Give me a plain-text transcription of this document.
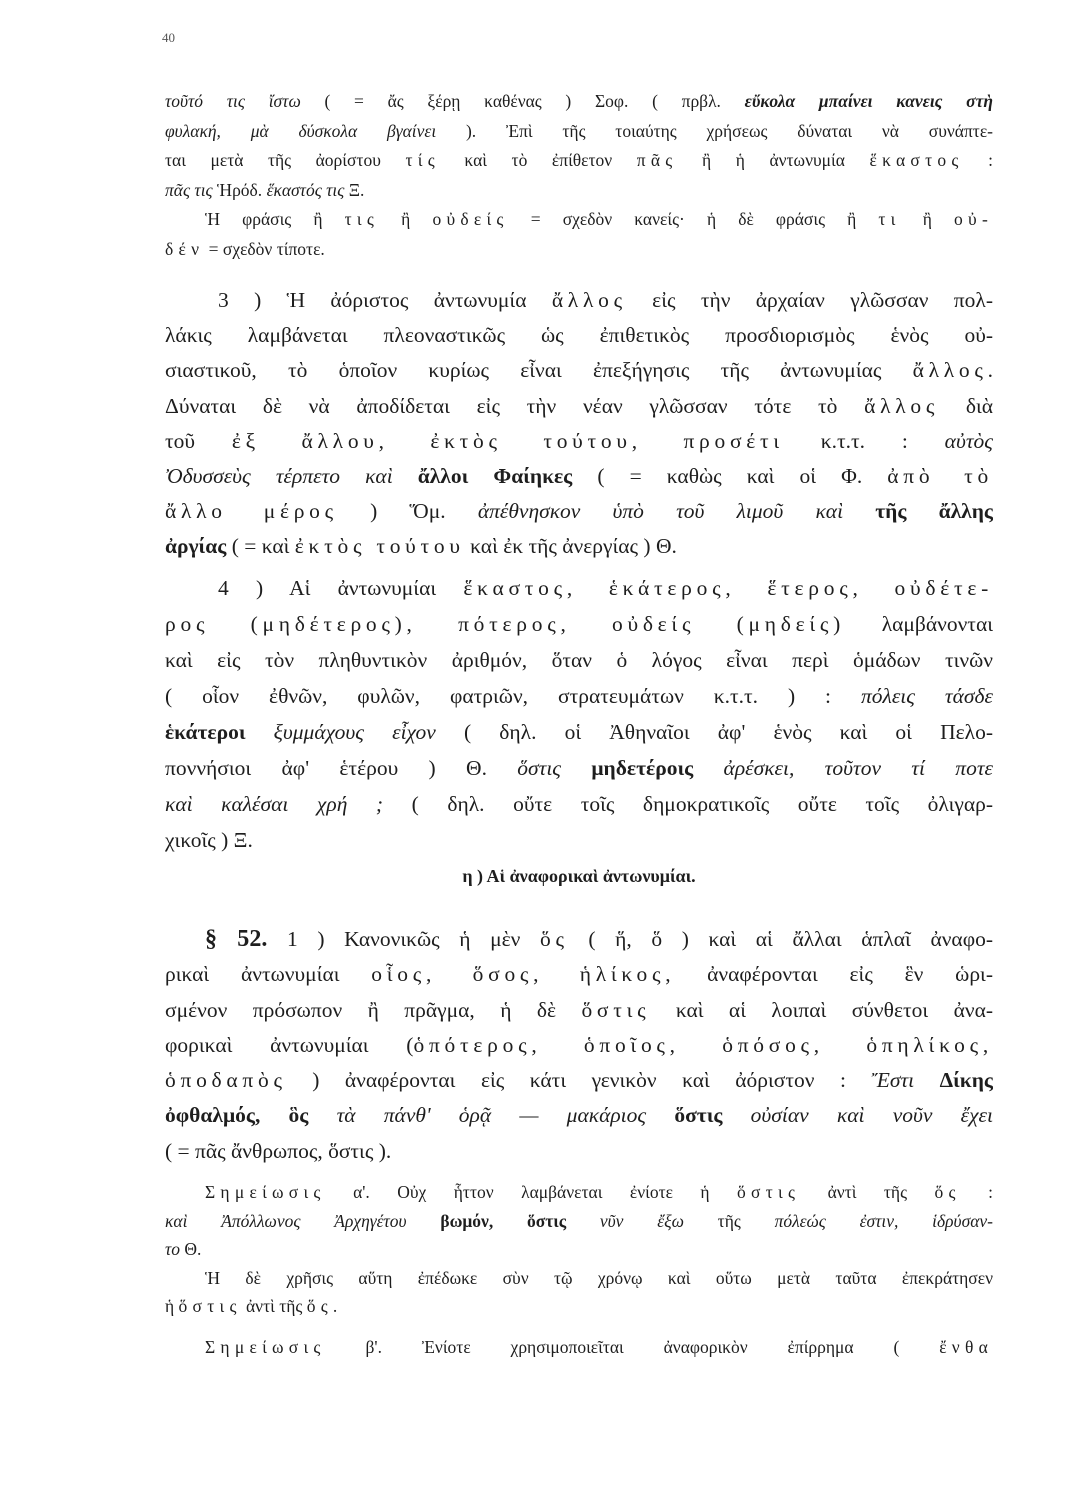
40
τοῦτό τις ἴστω ( = ἄς ξέρῃ καθένας ) Σοφ. ( πρβλ. εὔκολα μπαίνει κανεις στὴ
φυλακή, μὰ δύσκολα βγαίνει ). Ἐπὶ τῆς τοιαύτης χρήσεως δύναται νὰ συνάπτε-
ται μετὰ τῆς ἀορίστου τίς καὶ τὸ ἐπίθετον πᾶς ἢ ἡ ἀντωνυμία ἕκαστος :
πᾶς τις Ἡρόδ. ἕκαστός τις Ξ.
Ἡ φράσις ἢ τις ἢ οὐδείς = σχεδὸν κανείς· ἡ δὲ φράσις ἢ τι ἢ οὐ-
δέν = σχεδὸν τίποτε.
3 ) Ἡ ἀόριστος ἀντωνυμία ἄλλος εἰς τὴν ἀρχαίαν γλῶσσαν πολ-
λάκις λαμβάνεται πλεοναστικῶς ὡς ἐπιθετικὸς προσδιορισμὸς ἑνὸς οὐ-
σιαστικοῦ, τὸ ὁποῖον κυρίως εἶναι ἐπεξήγησις τῆς ἀντωνυμίας ἄλλος.
Δύναται δὲ νὰ ἀποδίδεται εἰς τὴν νέαν γλῶσσαν τότε τὸ ἄλλος διὰ
τοῦ ἐξ ἄλλου, ἐκτὸς τούτου, προσέτι κ.τ.τ. : αὐτὸς
Ὀδυσσεὺς τέρπετο καὶ ἄλλοι Φαίηκες ( = καθὼς καὶ οἱ Φ. ἀπὸ τὸ
ἄλλο μέρος ) Ὅμ. ἀπέθνησκον ὑπὸ τοῦ λιμοῦ καὶ τῆς ἄλλης
ἀργίας ( = καὶ ἐκτὸς τούτου καὶ ἐκ τῆς ἀνεργίας ) Θ.
4 ) Αἱ ἀντωνυμίαι ἕκαστος, ἑκάτερος, ἕτερος, οὐδέτε-
ρος (μηδέτερος), πότερος, οὐδείς (μηδείς) λαμβάνονται
καὶ εἰς τὸν πληθυντικὸν ἀριθμόν, ὅταν ὁ λόγος εἶναι περὶ ὁμάδων τινῶν
( οἷον ἐθνῶν, φυλῶν, φατριῶν, στρατευμάτων κ.τ.τ. ) : πόλεις τάσδε
ἑκάτεροι ξυμμάχους εἶχον ( δηλ. οἱ Ἀθηναῖοι ἀφ' ἑνὸς καὶ οἱ Πελο-
ποννήσιοι ἀφ' ἑτέρου ) Θ. ὅστις μηδετέροις ἀρέσκει, τοῦτον τί ποτε
καὶ καλέσαι χρή ; ( δηλ. οὔτε τοῖς δημοκρατικοῖς οὔτε τοῖς ὀλιγαρ-
χικοῖς ) Ξ.
η ) Αἱ ἀναφορικαὶ ἀντωνυμίαι.
§ 52. 1 ) Κανονικῶς ἡ μὲν ὅς ( ἥ, ὅ ) καὶ αἱ ἄλλαι ἁπλαῖ ἀναφο-
ρικαὶ ἀντωνυμίαι οἷος, ὅσος, ἡλίκος, ἀναφέρονται εἰς ἓν ὡρι-
σμένον πρόσωπον ἢ πρᾶγμα, ἡ δὲ ὅστις καὶ αἱ λοιπαὶ σύνθετοι ἀνα-
φορικαὶ ἀντωνυμίαι (ὁπότερος, ὁποῖος, ὁπόσος, ὁπηλίκος,
ὁποδαπὸς ) ἀναφέρονται εἰς κάτι γενικὸν καὶ ἀόριστον : Ἔστι Δίκης
ὀφθαλμός, ὃς τὰ πάνθ' ὁρᾷ — μακάριος ὅστις οὐσίαν καὶ νοῦν ἔχει
( = πᾶς ἄνθρωπος, ὅστις ).
Σημείωσις α'. Οὐχ ἧττον λαμβάνεται ἐνίοτε ἡ ὅστις ἀντὶ τῆς ὅς :
καὶ Ἀπόλλωνος Ἀρχηγέτου βωμόν, ὅστις νῦν ἔξω τῆς πόλεώς ἐστιν, ἱδρύσαν-
το Θ.
Ἡ δὲ χρῆσις αὕτη ἐπέδωκε σὺν τῷ χρόνῳ καὶ οὕτω μετὰ ταῦτα ἐπεκράτησεν
ἡ ὅστις ἀντὶ τῆς ὅς.
Σημείωσις β'. Ἐνίοτε χρησιμοποιεῖται ἀναφορικὸν ἐπίρρημα ( ἔνθα
